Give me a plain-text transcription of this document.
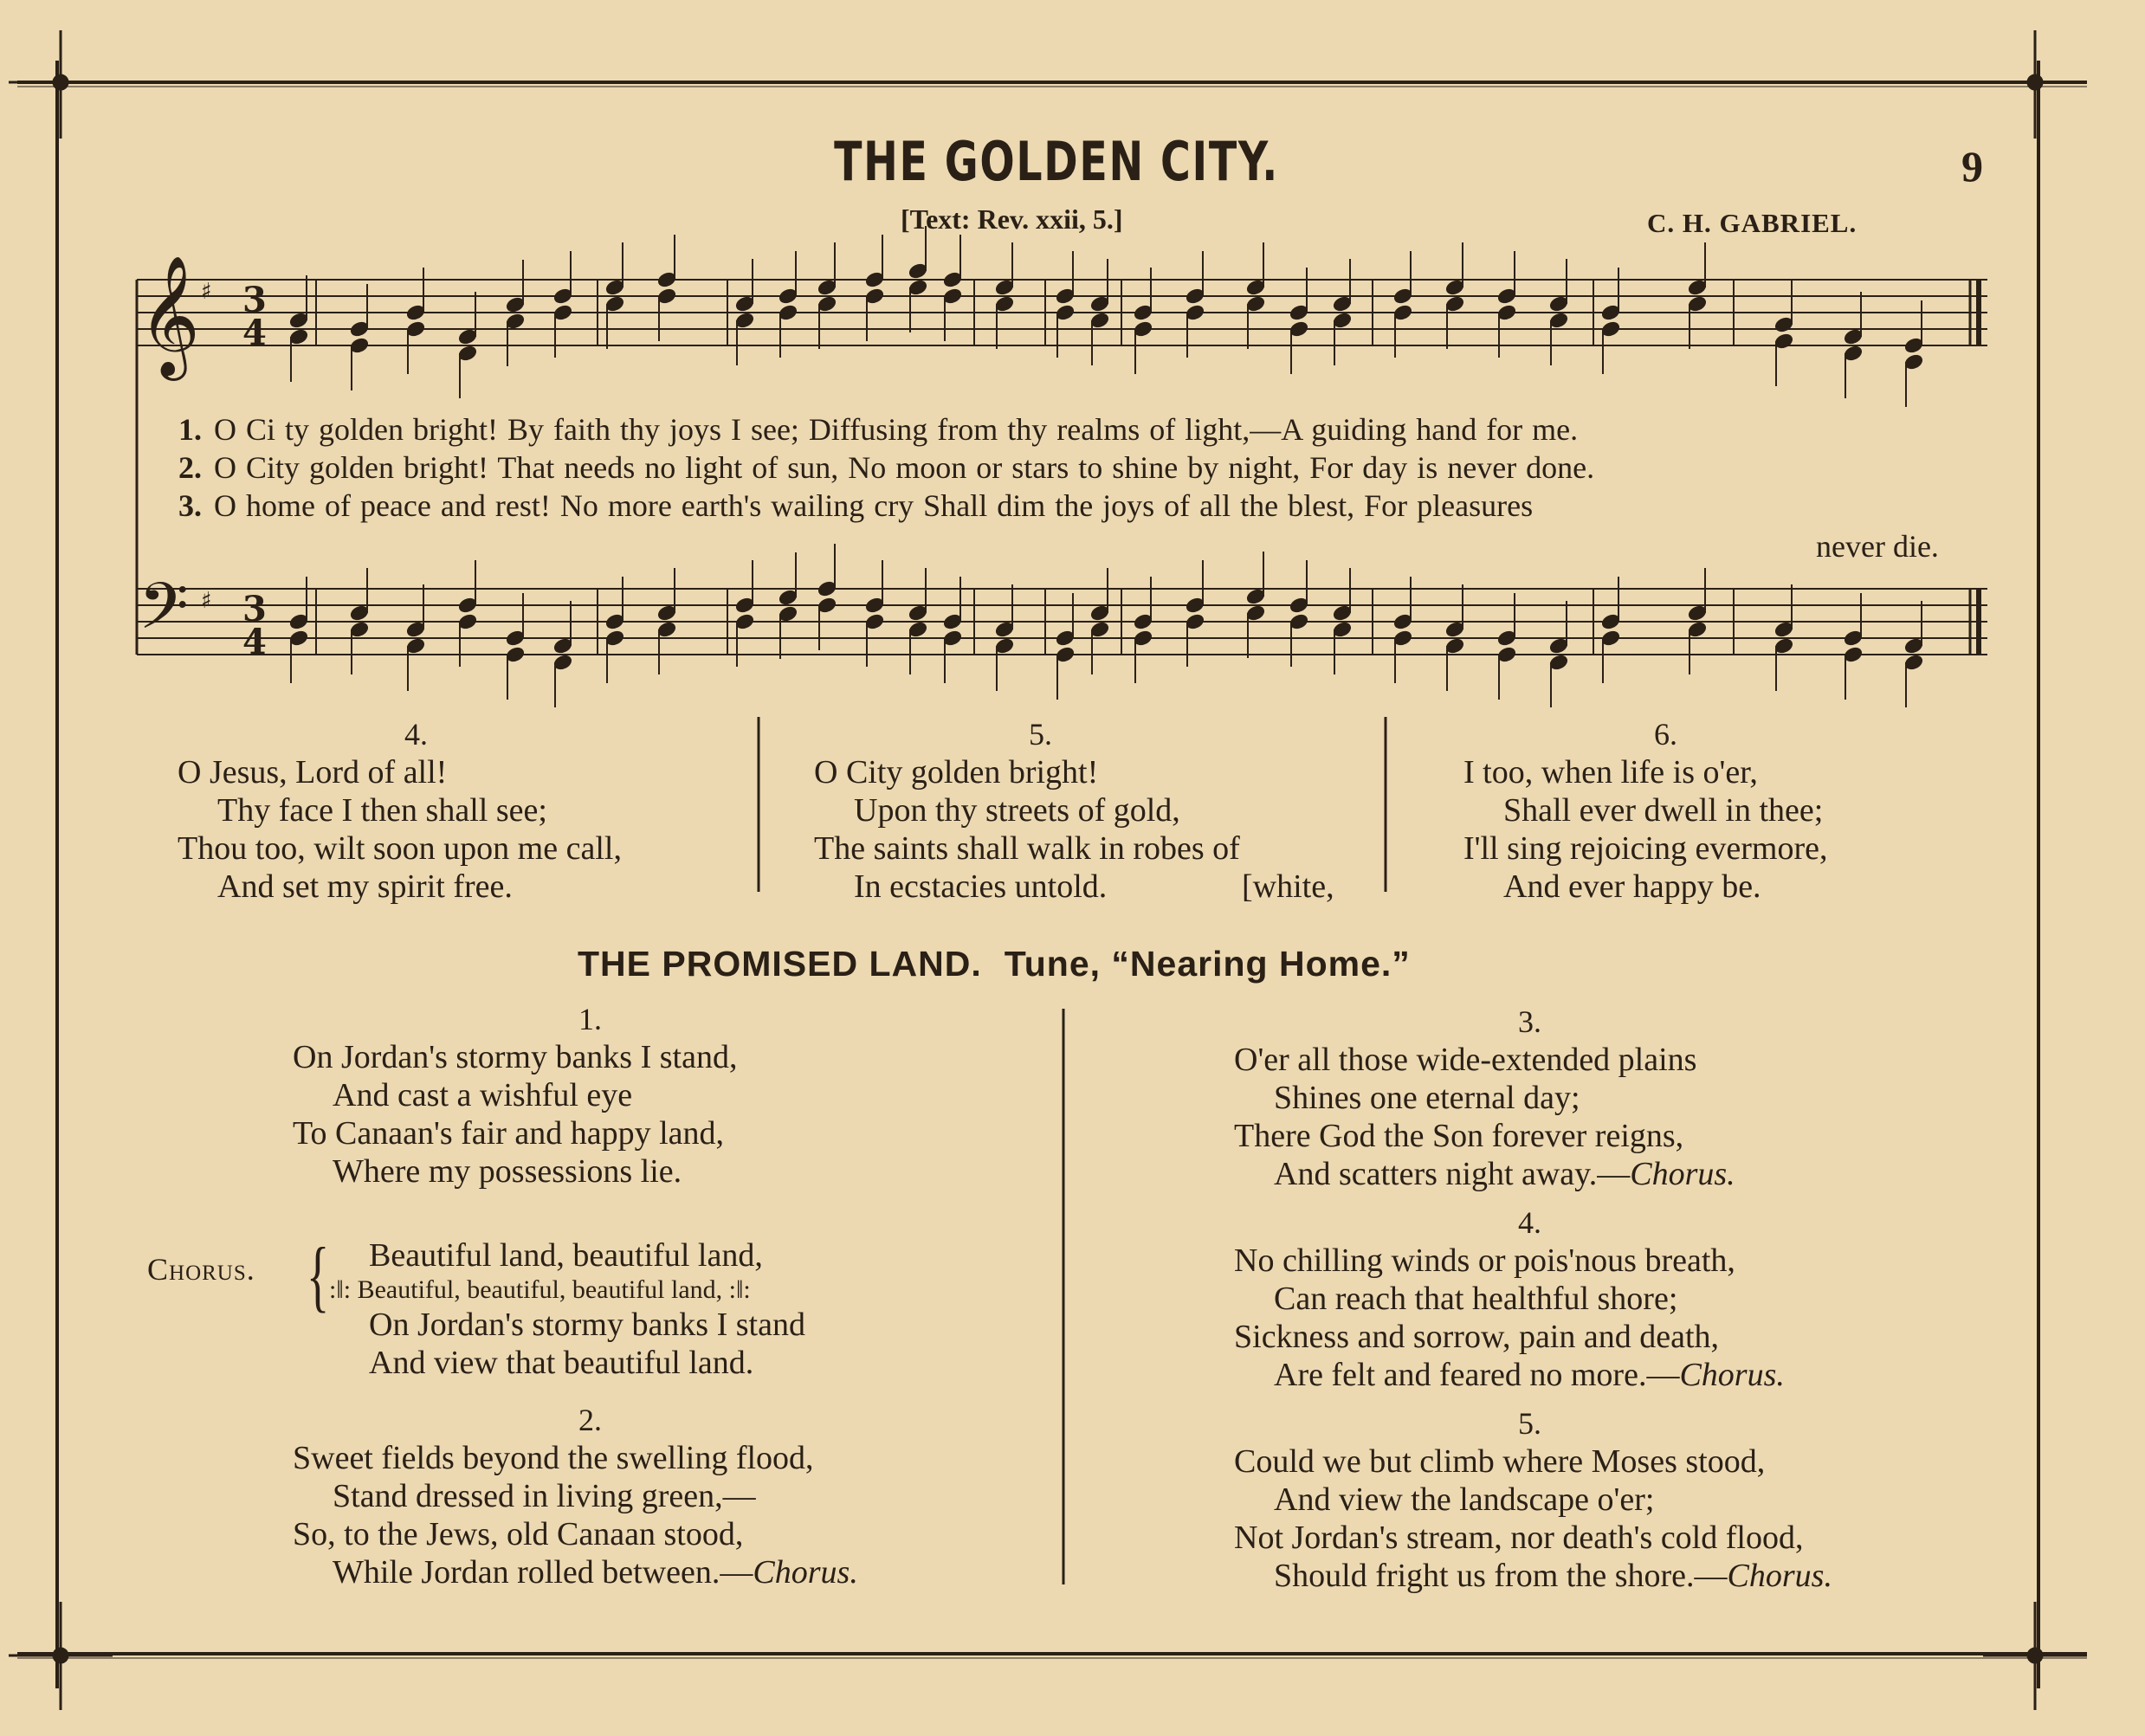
𝄞
𝄢
♯
♯
3
4
3
4
THE GOLDEN CITY.	9
[Text: Rev. xxii, 5.]	C. H. GABRIEL.
1. O Ci ty golden bright! By faith thy joys I see; Diffusing from thy realms of light,—A guiding hand for me.
2. O City golden bright! That needs no light of sun, No moon or stars to shine by night, For day is never done.
3. O home of peace and rest! No more earth's wailing cry Shall dim the joys of all the blest, For pleasures
never die.
4.
O Jesus, Lord of all!
Thy face I then shall see;
Thou too, wilt soon upon me call,
And set my spirit free.
5.
O City golden bright!
Upon thy streets of gold,
The saints shall walk in robes of
In ecstacies untold.	[white,
6.
I too, when life is o'er,
Shall ever dwell in thee;
I'll sing rejoicing evermore,
And ever happy be.
THE PROMISED LAND. Tune, “Nearing Home.”
1.
On Jordan's stormy banks I stand,
And cast a wishful eye
To Canaan's fair and happy land,
Where my possessions lie.
Chorus. {	Beautiful land, beautiful land,
:‖: Beautiful, beautiful, beautiful land, :‖:
On Jordan's stormy banks I stand
And view that beautiful land.
2.
Sweet fields beyond the swelling flood,
Stand dressed in living green,—
So, to the Jews, old Canaan stood,
While Jordan rolled between.—Chorus.
3.
O'er all those wide-extended plains
Shines one eternal day;
There God the Son forever reigns,
And scatters night away.—Chorus.
4.
No chilling winds or pois'nous breath,
Can reach that healthful shore;
Sickness and sorrow, pain and death,
Are felt and feared no more.—Chorus.
5.
Could we but climb where Moses stood,
And view the landscape o'er;
Not Jordan's stream, nor death's cold flood,
Should fright us from the shore.—Chorus.
